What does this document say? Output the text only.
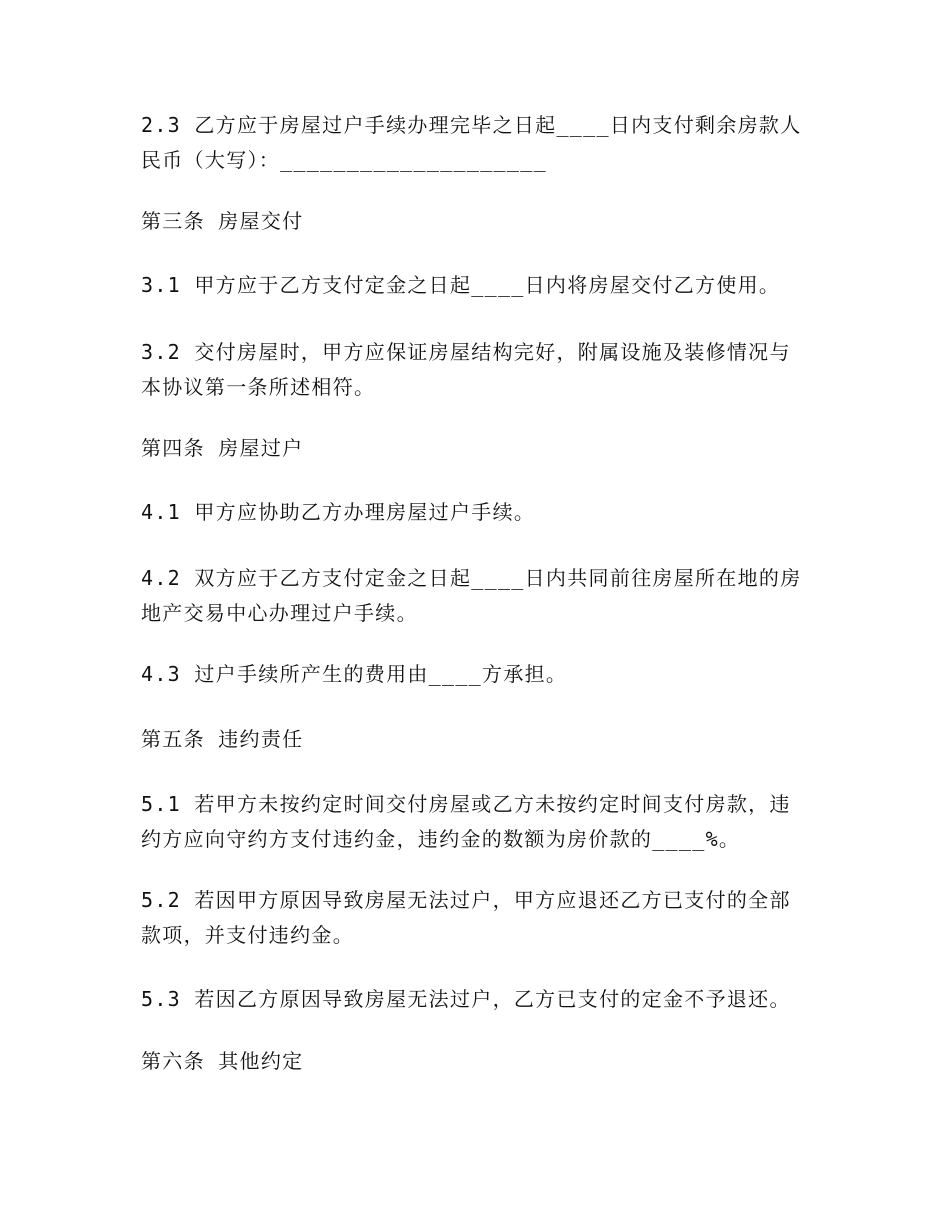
2.3 乙方应于房屋过户手续办理完毕之日起____日内支付剩余房款人
民币（大写）：____________________
第三条 房屋交付
3.1 甲方应于乙方支付定金之日起____日内将房屋交付乙方使用。
3.2 交付房屋时，甲方应保证房屋结构完好，附属设施及装修情况与
本协议第一条所述相符。
第四条 房屋过户
4.1 甲方应协助乙方办理房屋过户手续。
4.2 双方应于乙方支付定金之日起____日内共同前往房屋所在地的房
地产交易中心办理过户手续。
4.3 过户手续所产生的费用由____方承担。
第五条 违约责任
5.1 若甲方未按约定时间交付房屋或乙方未按约定时间支付房款，违
约方应向守约方支付违约金，违约金的数额为房价款的____%。
5.2 若因甲方原因导致房屋无法过户，甲方应退还乙方已支付的全部
款项，并支付违约金。
5.3 若因乙方原因导致房屋无法过户，乙方已支付的定金不予退还。
第六条 其他约定
